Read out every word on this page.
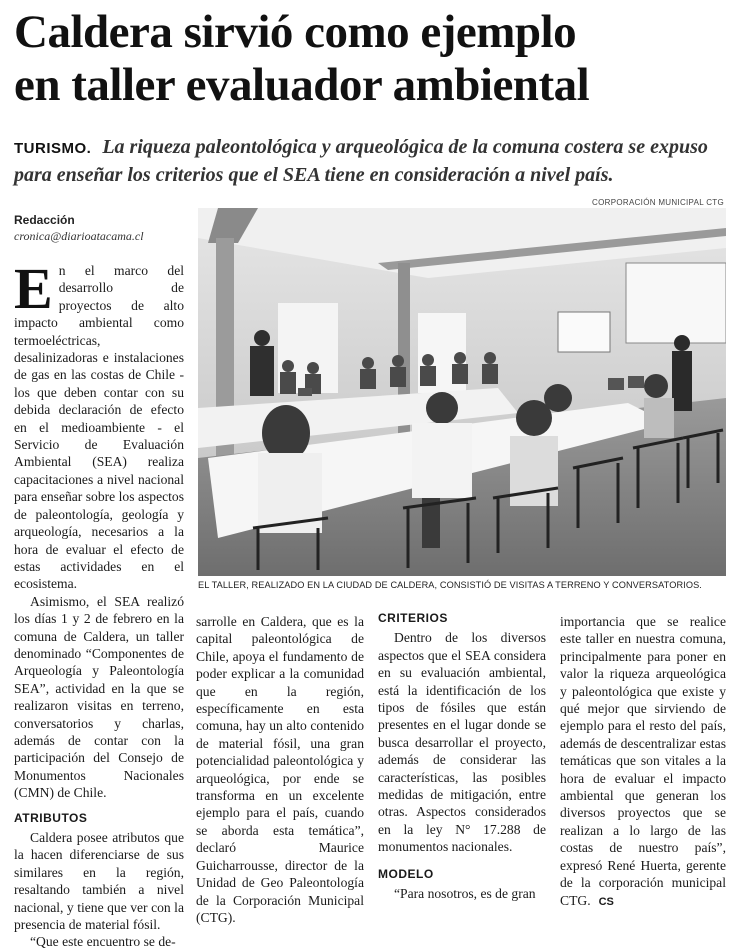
Caldera sirvió como ejemplo
en taller evaluador ambiental
TURISMO. La riqueza paleontológica y arqueológica de la comuna costera se expuso para enseñar los criterios que el SEA tiene en consideración a nivel país.
Redacción
cronica@diarioatacama.cl
CORPORACIÓN MUNICIPAL CTG
EL TALLER, REALIZADO EN LA CIUDAD DE CALDERA, CONSISTIÓ DE VISITAS A TERRENO Y CONVERSATORIOS.

En el marco del desarrollo de proyectos de alto impacto ambiental como termoeléctricas, desalinizadoras e instalaciones de gas en las costas de Chile - los que deben contar con su debida declaración de efecto en el medioambiente - el Servicio de Evaluación Ambiental (SEA) realiza capacitaciones a nivel nacional para enseñar sobre los aspectos de paleontología, geología y arqueología, necesarios a la hora de evaluar el efecto de estas actividades en el ecosistema.

Asimismo, el SEA realizó los días 1 y 2 de febrero en la comuna de Caldera, un taller denominado “Componentes de Arqueología y Paleontología SEA”, actividad en la que se realizaron visitas en terreno, conversatorios y charlas, además de contar con la participación del Consejo de Monumentos Nacionales (CMN) de Chile.

ATRIBUTOS

Caldera posee atributos que la hacen diferenciarse de sus similares en la región, resaltando también a nivel nacional, y tiene que ver con la presencia de material fósil.

“Que este encuentro se de-

sarrolle en Caldera, que es la capital paleontológica de Chile, apoya el fundamento de poder explicar a la comunidad que en la región, específicamente en esta comuna, hay un alto contenido de material fósil, una gran potencialidad paleontológica y arqueológica, por ende se transforma en un excelente ejemplo para el país, cuando se aborda esta temática”, declaró Maurice Guicharrousse, director de la Unidad de Geo Paleontología de la Corporación Municipal (CTG).

CRITERIOS

Dentro de los diversos aspectos que el SEA considera en su evaluación ambiental, está la identificación de los tipos de fósiles que están presentes en el lugar donde se busca desarrollar el proyecto, además de considerar las características, las posibles medidas de mitigación, entre otras. Aspectos considerados en la ley N° 17.288 de monumentos nacionales.

MODELO

“Para nosotros, es de gran

importancia que se realice este taller en nuestra comuna, principalmente para poner en valor la riqueza arqueológica y paleontológica que existe y qué mejor que sirviendo de ejemplo para el resto del país, además de descentralizar estas temáticas que son vitales a la hora de evaluar el impacto ambiental que generan los diversos proyectos que se realizan a lo largo de las costas de nuestro país”, expresó René Huerta, gerente de la corporación municipal CTG. CS
